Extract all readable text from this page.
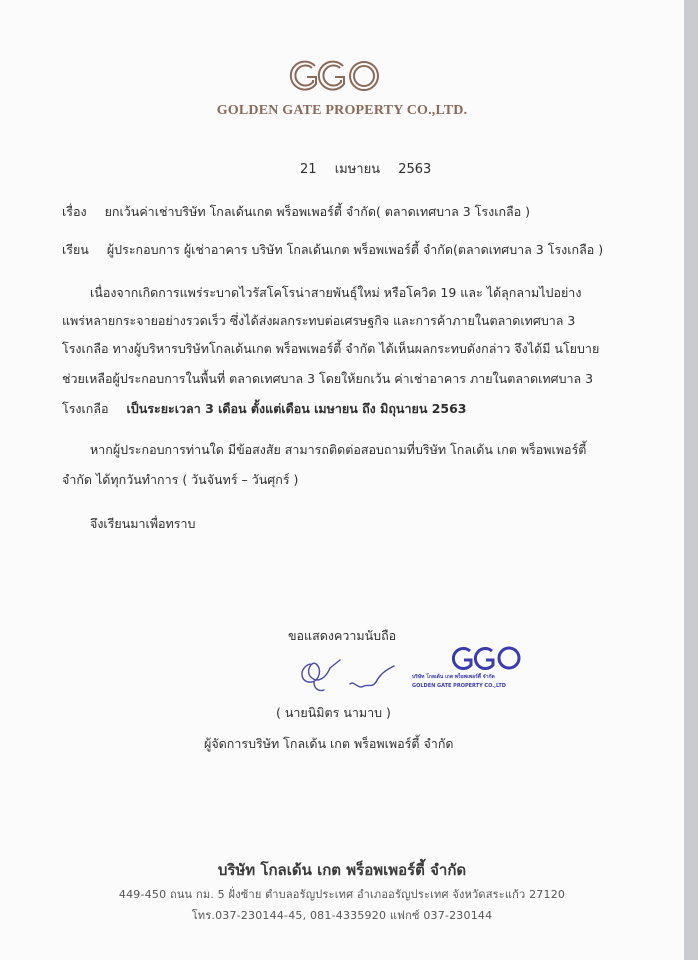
GOLDEN GATE PROPERTY CO.,LTD.
21 เมษายน 2563
เรื่อง ยกเว้นค่าเช่าบริษัท โกลเด้นเกต พร็อพเพอร์ตี้ จำกัด( ตลาดเทศบาล 3 โรงเกลือ )
เรียน ผู้ประกอบการ ผู้เช่าอาคาร บริษัท โกลเด้นเกต พร็อพเพอร์ตี้ จำกัด(ตลาดเทศบาล 3 โรงเกลือ )
เนื่องจากเกิดการแพร่ระบาดไวรัสโคโรน่าสายพันธุ์ใหม่ หรือโควิด 19 และ ได้ลุกลามไปอย่าง
แพร่หลายกระจายอย่างรวดเร็ว ซึ่งได้ส่งผลกระทบต่อเศรษฐกิจ และการค้าภายในตลาดเทศบาล 3
โรงเกลือ ทางผู้บริหารบริษัทโกลเด้นเกต พร็อพเพอร์ตี้ จำกัด ได้เห็นผลกระทบดังกล่าว จึงได้มี นโยบาย
ช่วยเหลือผู้ประกอบการในพื้นที่ ตลาดเทศบาล 3 โดยให้ยกเว้น ค่าเช่าอาคาร ภายในตลาดเทศบาล 3
โรงเกลือ เป็นระยะเวลา 3 เดือน ตั้งแต่เดือน เมษายน ถึง มิถุนายน 2563
หากผู้ประกอบการท่านใด มีข้อสงสัย สามารถติดต่อสอบถามที่บริษัท โกลเด้น เกต พร็อพเพอร์ตี้
จำกัด ได้ทุกวันทำการ ( วันจันทร์ – วันศุกร์ )
จึงเรียนมาเพื่อทราบ
ขอแสดงความนับถือ
บริษัท โกลเด้น เกต พร็อพเพอร์ตี้ จำกัด
GOLDEN GATE PROPERTY CO.,LTD
( นายนิมิตร นามาบ )
ผู้จัดการบริษัท โกลเด้น เกต พร็อพเพอร์ตี้ จำกัด
บริษัท โกลเด้น เกต พร็อพเพอร์ตี้ จำกัด
449-450 ถนน กม. 5 ฝั่งซ้าย ตำบลอรัญประเทศ อำเภออรัญประเทศ จังหวัดสระแก้ว 27120
โทร.037-230144-45, 081-4335920 แฟกซ์ 037-230144
